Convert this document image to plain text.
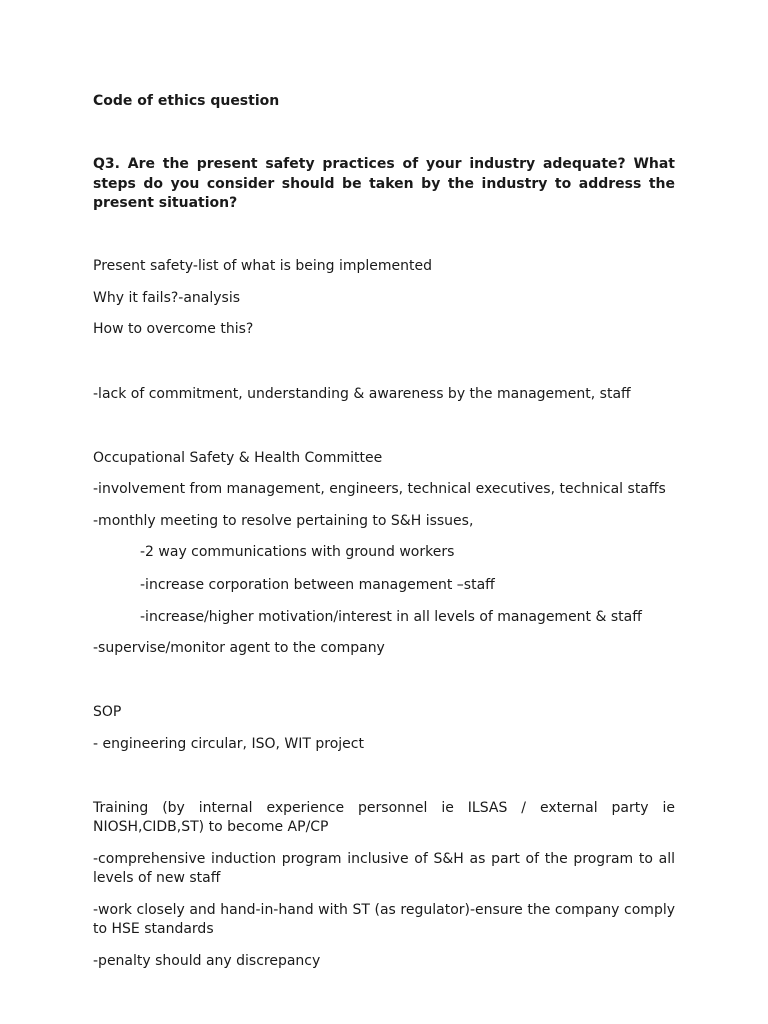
Code of ethics question
Q3. Are the present safety practices of your industry adequate? What steps do you consider should be taken by the industry to address the present situation?
Present safety-list of what is being implemented
Why it fails?-analysis
How to overcome this?
-lack of commitment, understanding & awareness by the management, staff
Occupational Safety & Health Committee
-involvement from management, engineers, technical executives, technical staffs
-monthly meeting to resolve pertaining to S&H issues,
-2 way communications with ground workers
-increase corporation between management –staff
-increase/higher motivation/interest in all levels of management & staff
-supervise/monitor agent to the company
SOP
- engineering circular, ISO, WIT project
Training (by internal experience personnel ie ILSAS / external party ie NIOSH,CIDB,ST) to become AP/CP
-comprehensive induction program inclusive of S&H as part of the program to all levels of new staff
-work closely and hand-in-hand with ST (as regulator)-ensure the company comply to HSE standards
-penalty should any discrepancy
